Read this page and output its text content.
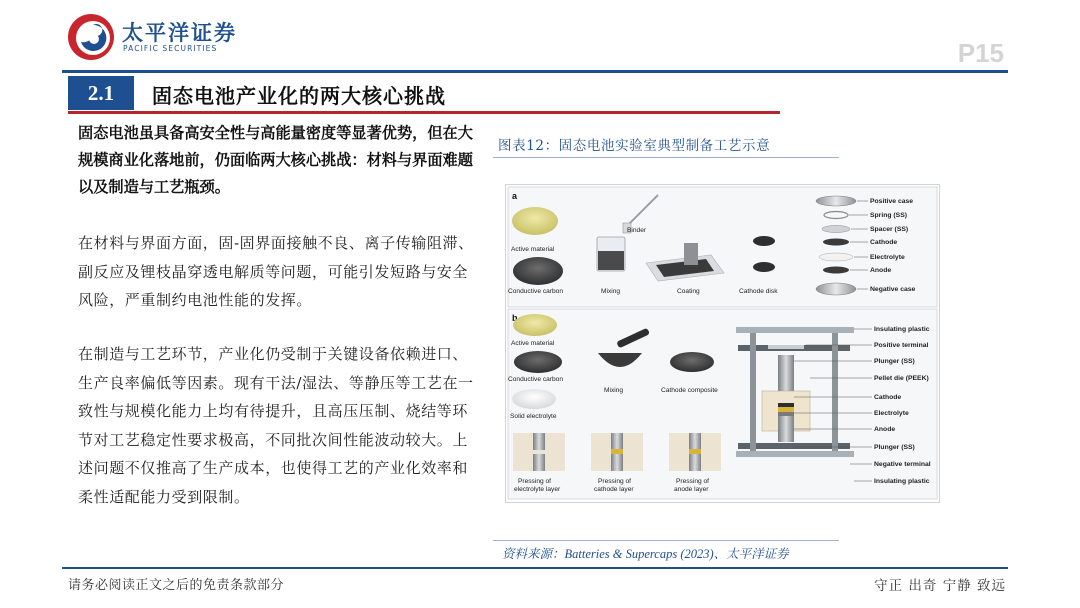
太平洋证券
PACIFIC SECURITIES	P15
2.1	固态电池产业化的两大核心挑战
固态电池虽具备高安全性与高能量密度等显著优势，但在大规模商业化落地前，仍面临两大核心挑战：材料与界面难题以及制造与工艺瓶颈。
在材料与界面方面，固-固界面接触不良、离子传输阻滞、副反应及锂枝晶穿透电解质等问题，可能引发短路与安全风险，严重制约电池性能的发挥。
在制造与工艺环节，产业化仍受制于关键设备依赖进口、生产良率偏低等因素。现有干法/湿法、等静压等工艺在一致性与规模化能力上均有待提升，且高压压制、烧结等环节对工艺稳定性要求极高，不同批次间性能波动较大。上述问题不仅推高了生产成本，也使得工艺的产业化效率和柔性适配能力受到限制。
图表12：固态电池实验室典型制备工艺示意
a
Active material
Conductive carbon
Binder
Mixing	Coating	Cathode disk
Positive case
Spring (SS)
Spacer (SS)
Cathode
Electrolyte
Anode
Negative case
b
Active material
Conductive carbon
Solid electrolyte
Mixing	Cathode composite
Pressing of
electrolyte layer
Pressing of
cathode layer
Pressing of
anode layer
Insulating plastic
Positive terminal
Plunger (SS)
Pellet die (PEEK)
Cathode
Electrolyte
Anode
Plunger (SS)
Negative terminal
Insulating plastic
资料来源：Batteries & Supercaps (2023)、太平洋证券
请务必阅读正文之后的免责条款部分	守正 出奇 宁静 致远
